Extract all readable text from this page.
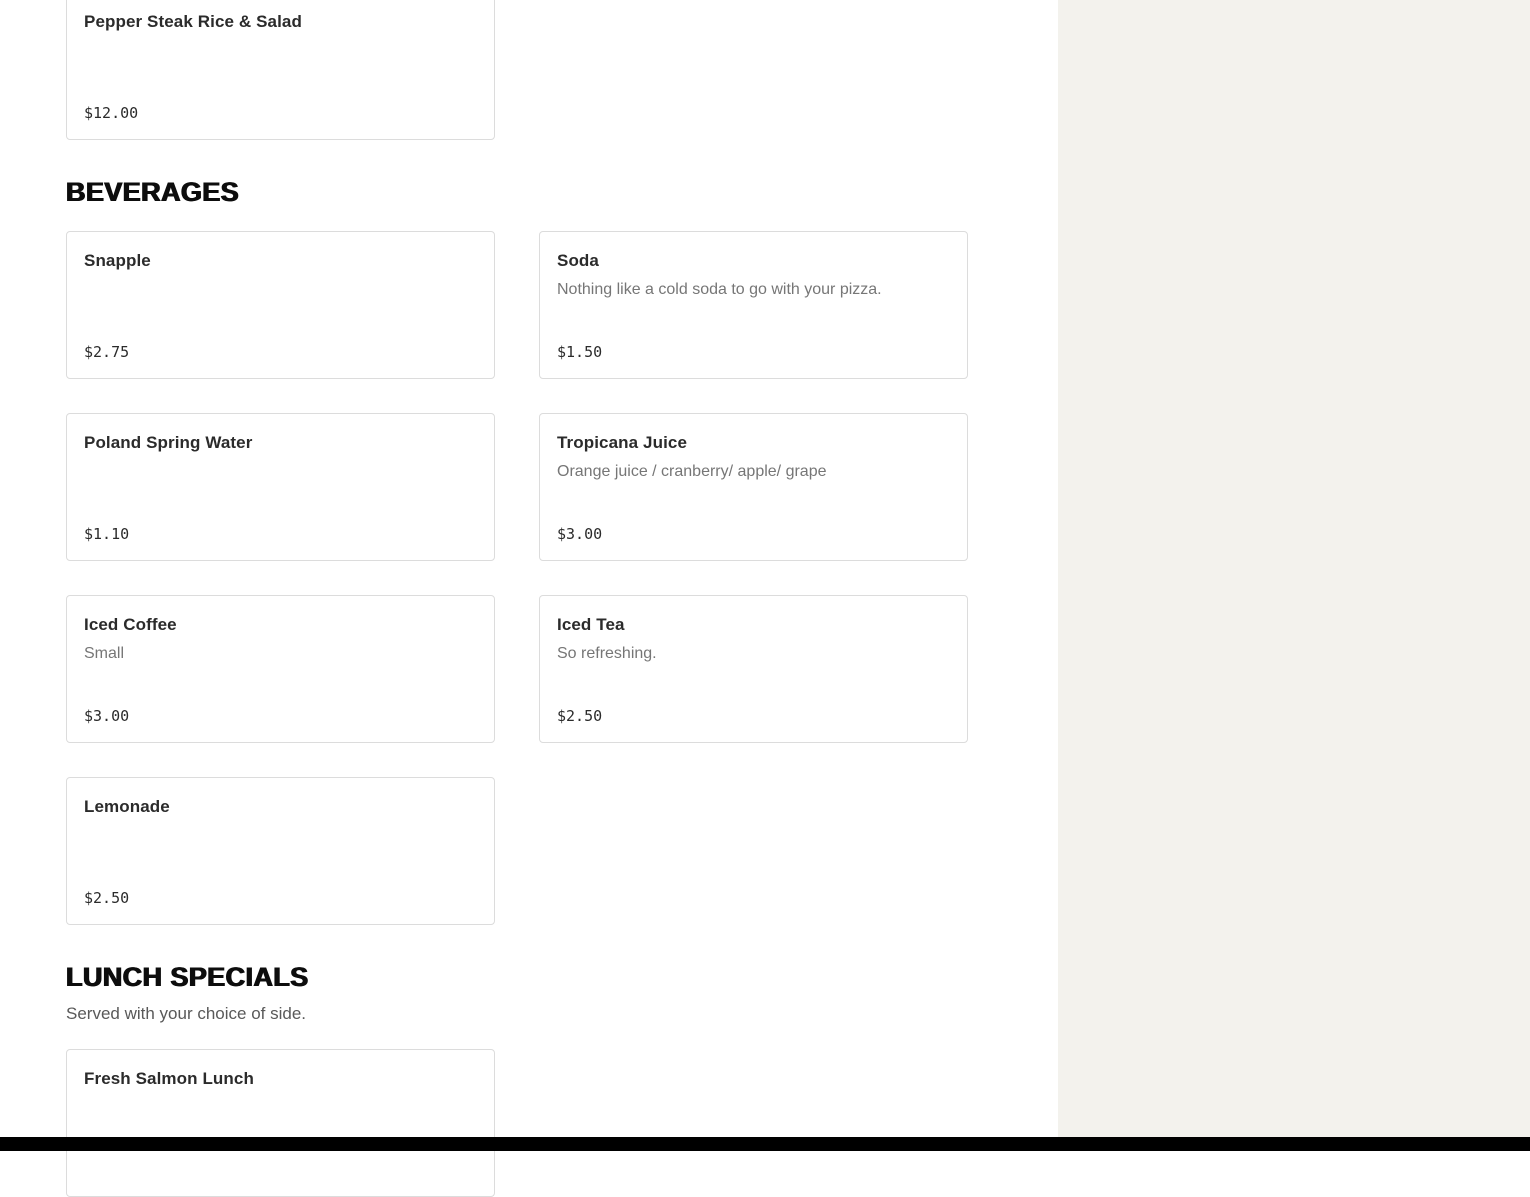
Pepper Steak Rice & Salad
$12.00
BEVERAGES
Snapple
$2.75
Soda

Nothing like a cold soda to go with your pizza.

$1.50
Poland Spring Water
$1.10
Tropicana Juice

Orange juice / cranberry/ apple/ grape

$3.00
Iced Coffee

Small

$3.00
Iced Tea

So refreshing.

$2.50
Lemonade
$2.50
LUNCH SPECIALS

Served with your choice of side.

Fresh Salmon Lunch
